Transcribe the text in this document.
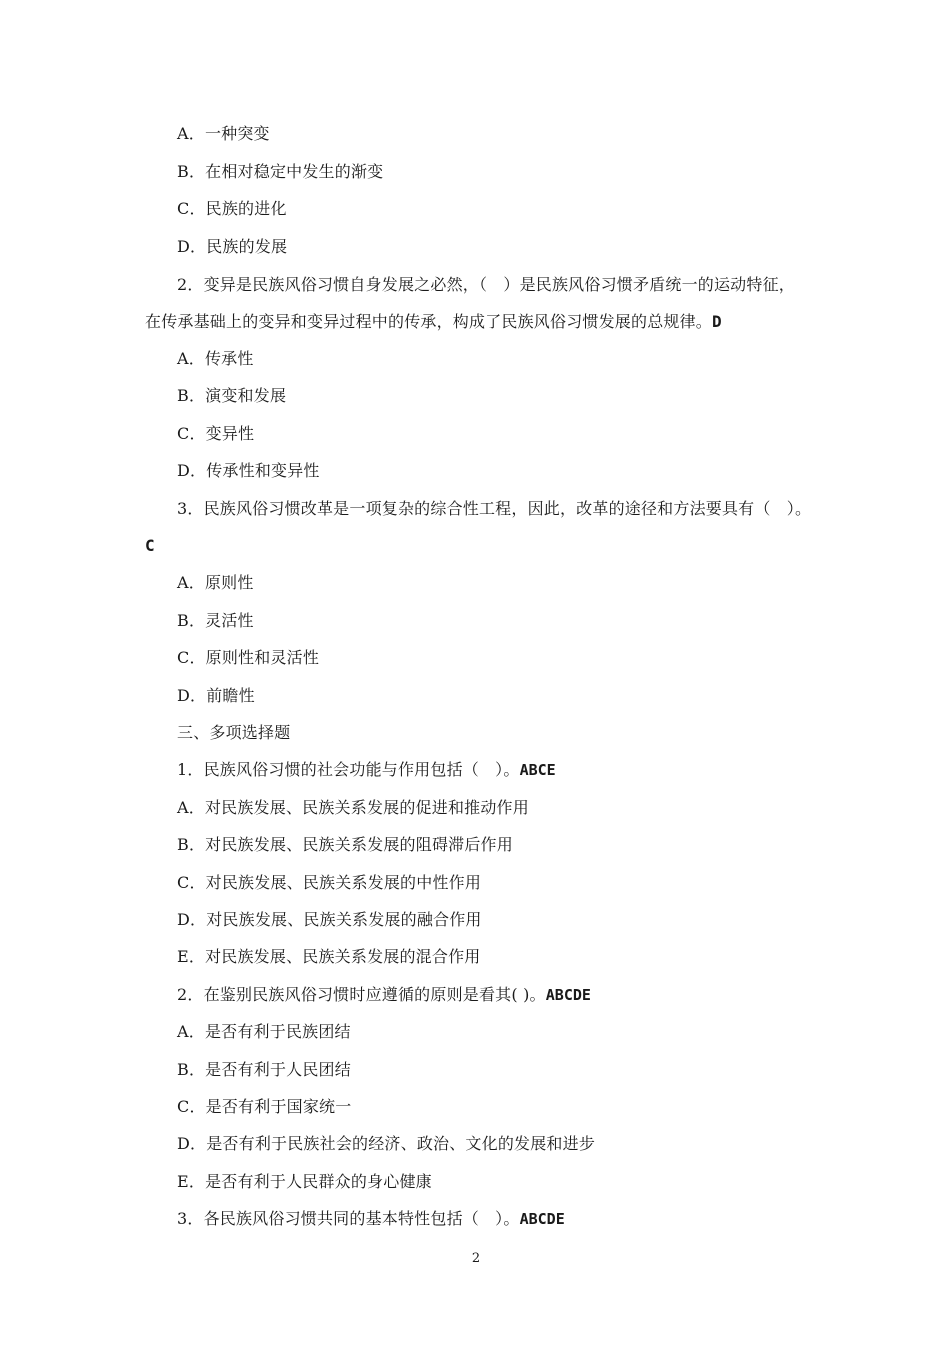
A．一种突变
B．在相对稳定中发生的渐变
C．民族的进化
D．民族的发展
2．变异是民族风俗习惯自身发展之必然，（　）是民族风俗习惯矛盾统一的运动特征，
在传承基础上的变异和变异过程中的传承，构成了民族风俗习惯发展的总规律。D
A．传承性
B．演变和发展
C．变异性
D．传承性和变异性
3．民族风俗习惯改革是一项复杂的综合性工程，因此，改革的途径和方法要具有（　）。
C
A．原则性
B．灵活性
C．原则性和灵活性
D．前瞻性
三、多项选择题
1．民族风俗习惯的社会功能与作用包括（　）。ABCE
A．对民族发展、民族关系发展的促进和推动作用
B．对民族发展、民族关系发展的阻碍滞后作用
C．对民族发展、民族关系发展的中性作用
D．对民族发展、民族关系发展的融合作用
E．对民族发展、民族关系发展的混合作用
2．在鉴别民族风俗习惯时应遵循的原则是看其( )。ABCDE
A．是否有利于民族团结
B．是否有利于人民团结
C．是否有利于国家统一
D．是否有利于民族社会的经济、政治、文化的发展和进步
E．是否有利于人民群众的身心健康
3．各民族风俗习惯共同的基本特性包括（　）。ABCDE
2
